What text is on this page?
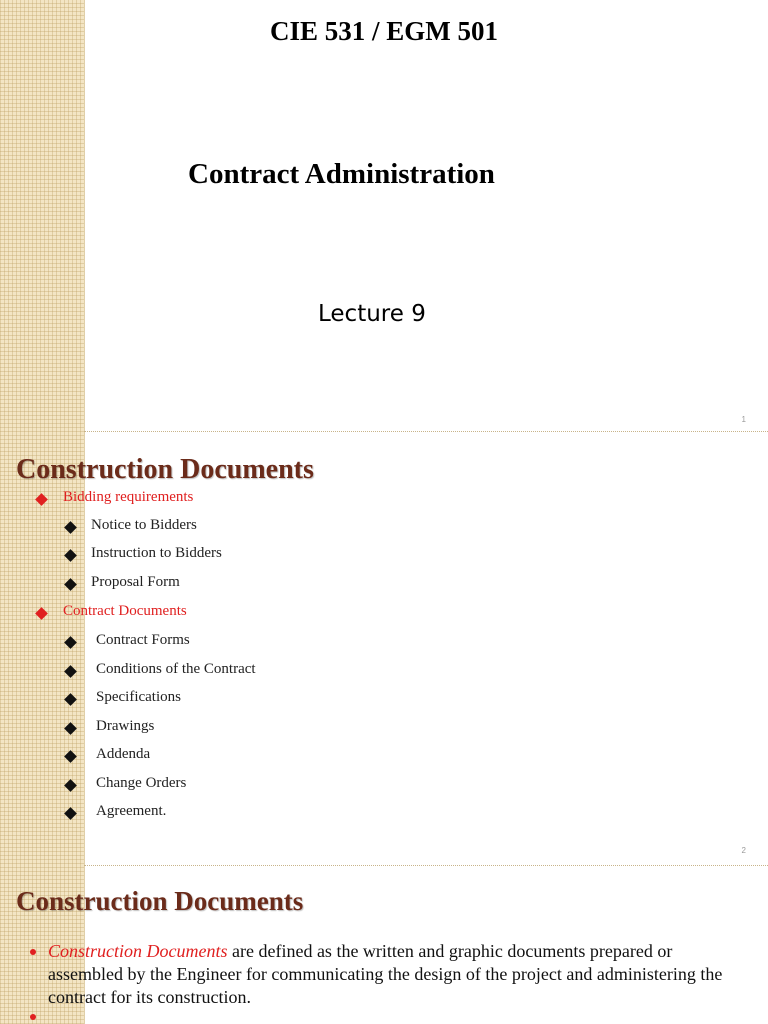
CIE 531 / EGM 501
Contract Administration
Lecture 9
1
Construction Documents
Bidding requirements
Notice to Bidders
Instruction to Bidders
Proposal Form
Contract Documents
Contract Forms
Conditions of the Contract
Specifications
Drawings
Addenda
Change Orders
Agreement.
2
Construction Documents
Construction Documents are defined as the written and graphic documents prepared or assembled by the Engineer for communicating the design of the project and administering the contract for its construction.
